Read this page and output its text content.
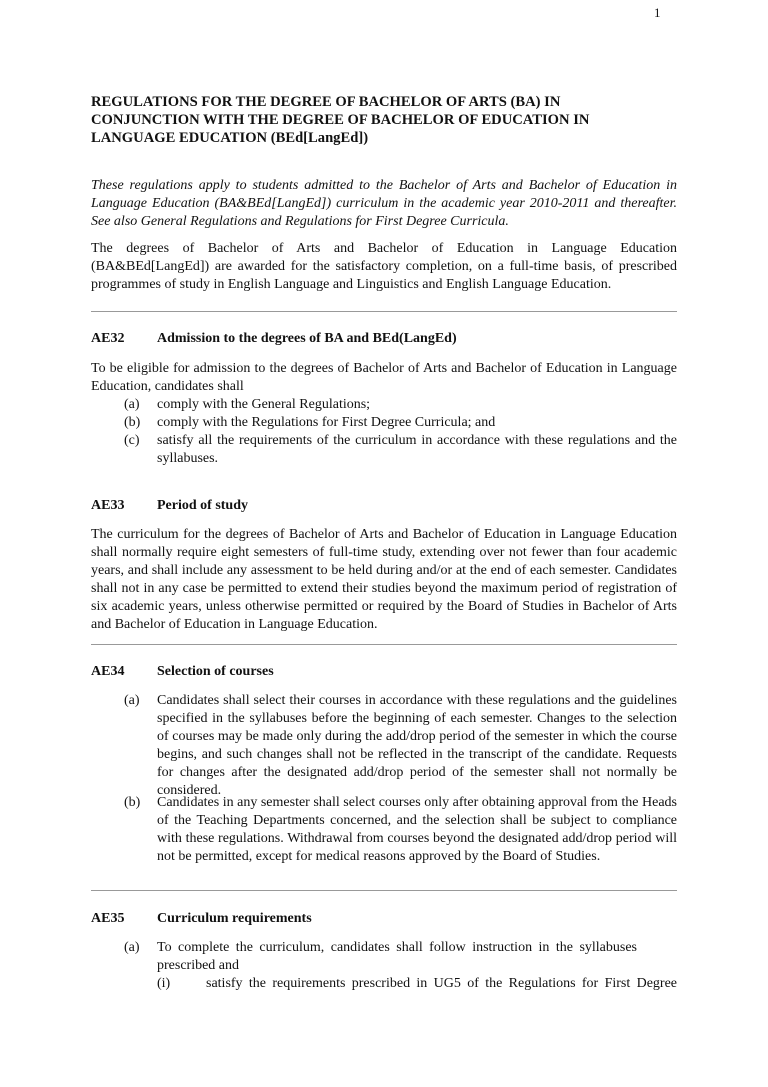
1
REGULATIONS FOR THE DEGREE OF BACHELOR OF ARTS (BA) IN
CONJUNCTION WITH THE DEGREE OF BACHELOR OF EDUCATION IN
LANGUAGE EDUCATION (BEd[LangEd])
These regulations apply to students admitted to the Bachelor of Arts and Bachelor of Education in Language Education (BA&BEd[LangEd]) curriculum in the academic year 2010-2011 and thereafter. See also General Regulations and Regulations for First Degree Curricula.
The degrees of Bachelor of Arts and Bachelor of Education in Language Education (BA&BEd[LangEd]) are awarded for the satisfactory completion, on a full-time basis, of prescribed programmes of study in English Language and Linguistics and English Language Education.
AE32 Admission to the degrees of BA and BEd(LangEd)
To be eligible for admission to the degrees of Bachelor of Arts and Bachelor of Education in Language Education, candidates shall
(a) comply with the General Regulations;
(b) comply with the Regulations for First Degree Curricula; and
(c) satisfy all the requirements of the curriculum in accordance with these regulations and the syllabuses.
AE33 Period of study
The curriculum for the degrees of Bachelor of Arts and Bachelor of Education in Language Education shall normally require eight semesters of full-time study, extending over not fewer than four academic years, and shall include any assessment to be held during and/or at the end of each semester. Candidates shall not in any case be permitted to extend their studies beyond the maximum period of registration of six academic years, unless otherwise permitted or required by the Board of Studies in Bachelor of Arts and Bachelor of Education in Language Education.
AE34 Selection of courses
(a) Candidates shall select their courses in accordance with these regulations and the guidelines specified in the syllabuses before the beginning of each semester. Changes to the selection of courses may be made only during the add/drop period of the semester in which the course begins, and such changes shall not be reflected in the transcript of the candidate. Requests for changes after the designated add/drop period of the semester shall not normally be considered.
(b) Candidates in any semester shall select courses only after obtaining approval from the Heads of the Teaching Departments concerned, and the selection shall be subject to compliance with these regulations. Withdrawal from courses beyond the designated add/drop period will not be permitted, except for medical reasons approved by the Board of Studies.
AE35 Curriculum requirements
(a) To complete the curriculum, candidates shall follow instruction in the syllabuses prescribed and
(i)	satisfy the requirements prescribed in UG5 of the Regulations for First Degree
